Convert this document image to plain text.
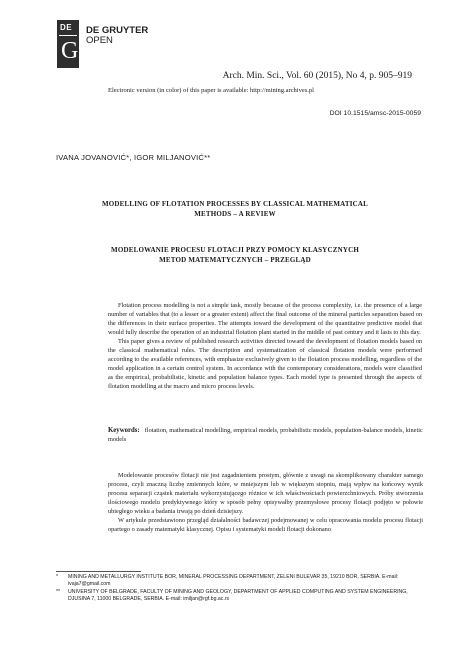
DE
G
DE GRUYTER
OPEN
Arch. Min. Sci., Vol. 60 (2015), No 4, p. 905–919
Electronic version (in color) of this paper is available: http://mining.archives.pl
DOI 10.1515/amsc-2015-0059
IVANA JOVANOVIĆ*, IGOR MILJANOVIĆ**
MODELLING OF FLOTATION PROCESSES BY CLASSICAL MATHEMATICAL
METHODS – A REVIEW
MODELOWANIE PROCESU FLOTACJI PRZY POMOCY KLASYCZNYCH
METOD MATEMATYCZNYCH – PRZEGLĄD

Flotation process modelling is not a simple task, mostly because of the process complexity, i.e. the presence of a large number of variables that (to a lesser or a greater extent) affect the final outcome of the mineral particles separation based on the differences in their surface properties. The attempts toward the development of the quantitative predictive model that would fully describe the operation of an industrial flotation plant started in the middle of past century and it lasts to this day.

This paper gives a review of published research activities directed toward the development of flotation models based on the classical mathematical rules. The description and systematization of classical flotation models were performed according to the available references, with emphasize exclusively given to the flotation process modelling, regardless of the model application in a certain control system. In accordance with the contemporary considerations, models were classified as the empirical, probabilistic, kinetic and population balance types. Each model type is presented through the aspects of flotation modelling at the macro and micro process levels.

Keywords: flotation, mathematical modelling, empirical models, probabilistic models, population-balance models, kinetic models

Modelowanie procesów flotacji nie jest zagadnieniem prostym, głównie z uwagi na skomplikowany charakter samego procesu, czyli znaczną liczbę zmiennych które, w mniejszym lub w większym stopniu, mają wpływ na końcowy wynik procesu separacji cząstek materiału wykorzystującego różnice w ich właściwościach powierzchniowych. Próby stworzenia ilościowego modelu predyktywnego który w sposób pełny opisywałby przemysłowe procesy flotacji podjęto w połowie ubiegłego wieku a badania trwają po dzień dzisiejszy.

W artykule przedstawiono przegląd działalności badawczej podejmowanej w celu opracowania modelu procesu flotacji opartego o zasady matematyki klasycznej. Opisu i systematyki modeli flotacji dokonano

* MINING AND METALLURGY INSTITUTE BOR, MINERAL PROCESSING DEPARTMENT, ZELENI BULEVAR 35, 19210 BOR, SERBIA. E-mail: ivaja7@gmail.com
** UNIVERSITY OF BELGRADE, FACULTY OF MINING AND GEOLOGY, DEPARTMENT OF APPLIED COMPUTING AND SYSTEM ENGINEERING, DJUSINA 7, 11000 BELGRADE, SERBIA. E-mail: imiljan@rgf.bg.ac.rs
